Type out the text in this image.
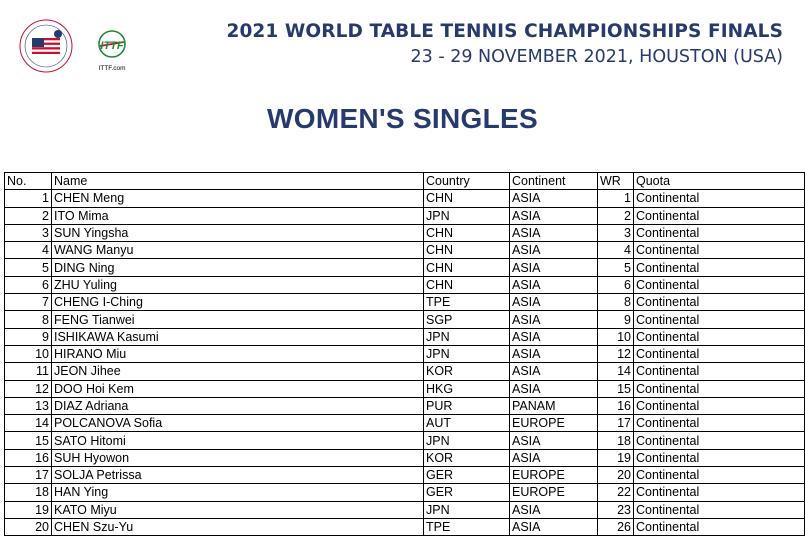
ITTF
ITTF.com
2021 WORLD TABLE TENNIS CHAMPIONSHIPS FINALS
23 - 29 NOVEMBER 2021, HOUSTON (USA)
WOMEN'S SINGLES
No.	Name	Country	Continent	WR	Quota
1	CHEN Meng	CHN	ASIA	1	Continental
2	ITO Mima	JPN	ASIA	2	Continental
3	SUN Yingsha	CHN	ASIA	3	Continental
4	WANG Manyu	CHN	ASIA	4	Continental
5	DING Ning	CHN	ASIA	5	Continental
6	ZHU Yuling	CHN	ASIA	6	Continental
7	CHENG I-Ching	TPE	ASIA	8	Continental
8	FENG Tianwei	SGP	ASIA	9	Continental
9	ISHIKAWA Kasumi	JPN	ASIA	10	Continental
10	HIRANO Miu	JPN	ASIA	12	Continental
11	JEON Jihee	KOR	ASIA	14	Continental
12	DOO Hoi Kem	HKG	ASIA	15	Continental
13	DIAZ Adriana	PUR	PANAM	16	Continental
14	POLCANOVA Sofia	AUT	EUROPE	17	Continental
15	SATO Hitomi	JPN	ASIA	18	Continental
16	SUH Hyowon	KOR	ASIA	19	Continental
17	SOLJA Petrissa	GER	EUROPE	20	Continental
18	HAN Ying	GER	EUROPE	22	Continental
19	KATO Miyu	JPN	ASIA	23	Continental
20	CHEN Szu-Yu	TPE	ASIA	26	Continental
